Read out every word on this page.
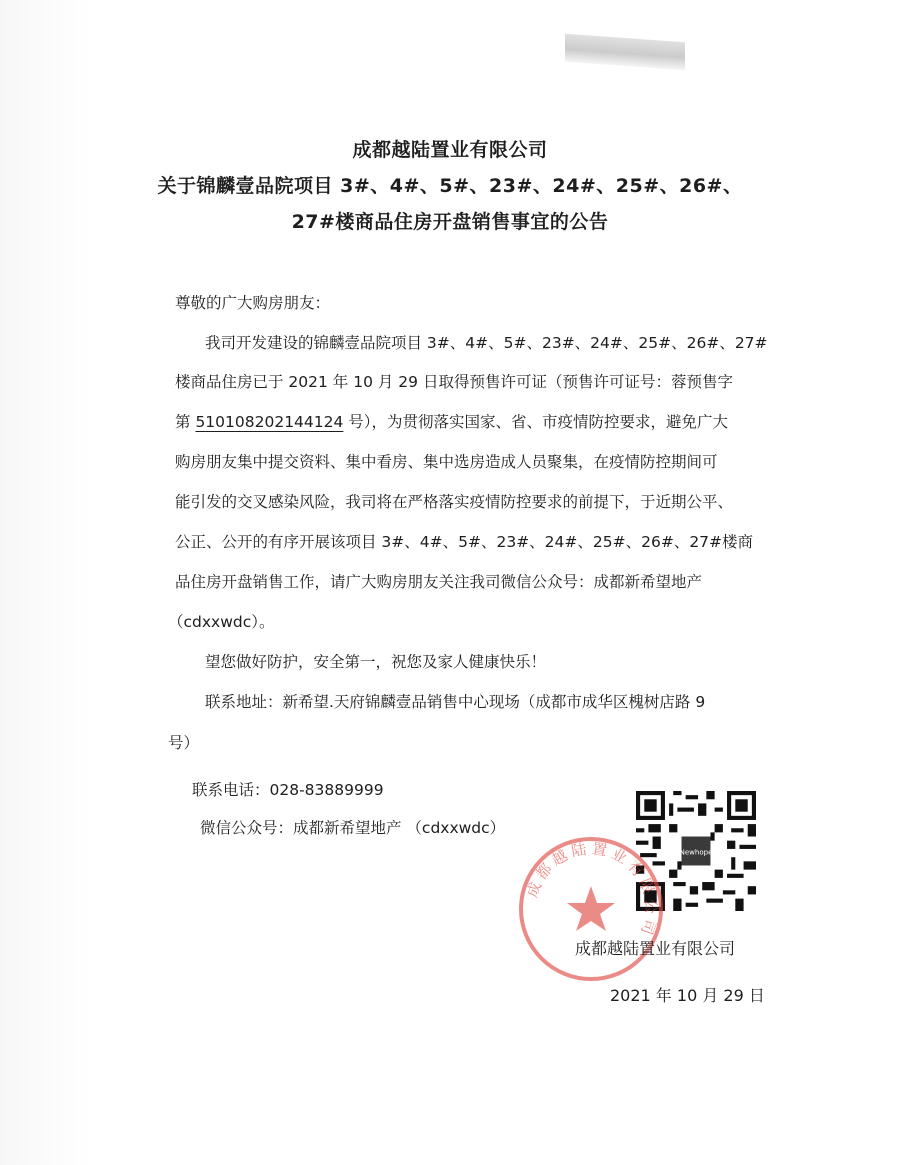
成都越陆置业有限公司
关于锦麟壹品院项目 3#、4#、5#、23#、24#、25#、26#、
27#楼商品住房开盘销售事宜的公告
尊敬的广大购房朋友：
我司开发建设的锦麟壹品院项目 3#、4#、5#、23#、24#、25#、26#、27#
楼商品住房已于 2021 年 10 月 29 日取得预售许可证（预售许可证号：蓉预售字
第 510108202144124 号），为贯彻落实国家、省、市疫情防控要求，避免广大
购房朋友集中提交资料、集中看房、集中选房造成人员聚集，在疫情防控期间可
能引发的交叉感染风险，我司将在严格落实疫情防控要求的前提下，于近期公平、
公正、公开的有序开展该项目 3#、4#、5#、23#、24#、25#、26#、27#楼商
品住房开盘销售工作，请广大购房朋友关注我司微信公众号：成都新希望地产
（cdxxwdc）。
望您做好防护，安全第一，祝您及家人健康快乐！
联系地址：新希望.天府锦麟壹品销售中心现场（成都市成华区槐树店路 9
号）
联系电话：028-83889999
微信公众号：成都新希望地产 （cdxxwdc）
Newhope
成都越陆置业有限公司
成都越陆置业有限公司
2021 年 10 月 29 日
